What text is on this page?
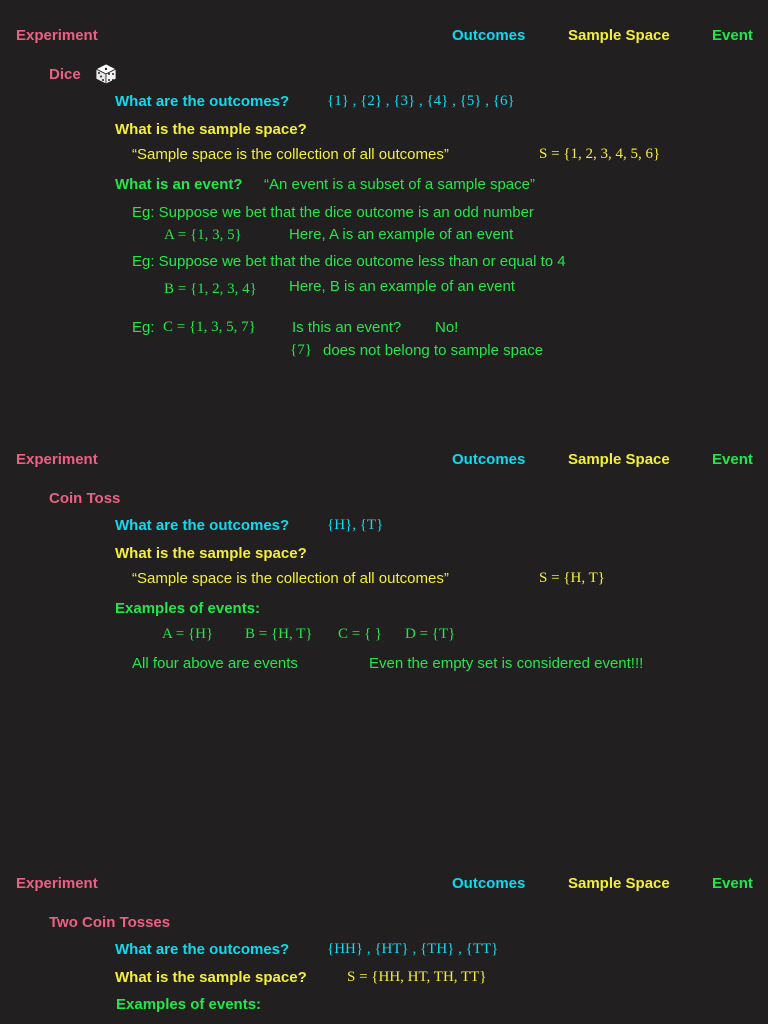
Experiment	Outcomes	Sample Space	Event
Dice
What are the outcomes?	{1} , {2} , {3} , {4} , {5} , {6}
What is the sample space?
“Sample space is the collection of all outcomes”	S = {1, 2, 3, 4, 5, 6}
What is an event? “An event is a subset of a sample space”
Eg: Suppose we bet that the dice outcome is an odd number
A = {1, 3, 5}	Here, A is an example of an event
Eg: Suppose we bet that the dice outcome less than or equal to 4
B = {1, 2, 3, 4} Here, B is an example of an event
Eg: C = {1, 3, 5, 7} Is this an event? No!
{7} does not belong to sample space
Experiment	Outcomes	Sample Space	Event
Coin Toss
What are the outcomes?	{H}, {T}
What is the sample space?
“Sample space is the collection of all outcomes”	S = {H, T}
Examples of events:
A = {H} B = {H, T} C = { } D = {T}
All four above are events	Even the empty set is considered event!!!
Experiment	Outcomes	Sample Space	Event
Two Coin Tosses
What are the outcomes?	{HH} , {HT} , {TH} , {TT}
What is the sample space?	S = {HH, HT, TH, TT}
Examples of events:
